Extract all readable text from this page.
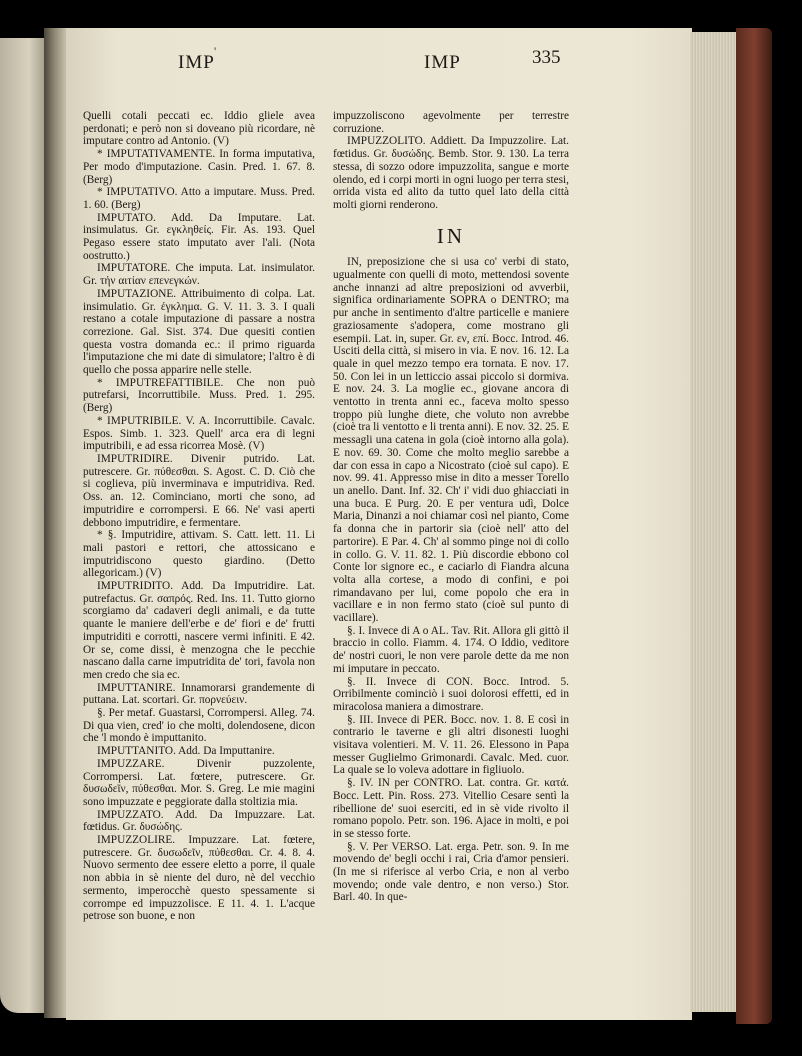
'
IMP	IMP	335

Quelli cotali peccati ec. Iddio gliele avea perdonati; e però non si doveano più ricordare, nè imputare contro ad Antonio. (V)

* IMPUTATIVAMENTE. In forma imputativa, Per modo d'imputazione. Casin. Pred. 1. 67. 8. (Berg)

* IMPUTATIVO. Atto a imputare. Muss. Pred. 1. 60. (Berg)

IMPUTATO. Add. Da Imputare. Lat. insimulatus. Gr. εγκληθείς. Fir. As. 193. Quel Pegaso essere stato imputato aver l'ali. (Nota oostrutto.)

IMPUTATORE. Che imputa. Lat. insimulator. Gr. τήν αιτίαν επενεγκών.

IMPUTAZIONE. Attribuimento di colpa. Lat. insimulatio. Gr. έγκλημα. G. V. 11. 3. 3. I quali restano a cotale imputazione di passare a nostra correzione. Gal. Sist. 374. Due quesiti contien questa vostra domanda ec.: il primo riguarda l'imputazione che mi date di simulatore; l'altro è di quello che possa apparire nelle stelle.

* IMPUTREFATTIBILE. Che non può putrefarsi, Incorruttibile. Muss. Pred. 1. 295. (Berg)

* IMPUTRIBILE. V. A. Incorruttibile. Cavalc. Espos. Simb. 1. 323. Quell' arca era di legni imputribili, e ad essa ricorrea Mosè. (V)

IMPUTRIDIRE. Divenir putrido. Lat. putrescere. Gr. πύθεσθαι. S. Agost. C. D. Ciò che si coglieva, più inverminava e imputridiva. Red. Oss. an. 12. Cominciano, morti che sono, ad imputridire e corrompersi. E 66. Ne' vasi aperti debbono imputridire, e fermentare.

* §. Imputridire, attivam. S. Catt. lett. 11. Li mali pastori e rettori, che attossicano e imputridiscono questo giardino. (Detto allegoricam.) (V)

IMPUTRIDITO. Add. Da Imputridire. Lat. putrefactus. Gr. σαπρός. Red. Ins. 11. Tutto giorno scorgiamo da' cadaveri degli animali, e da tutte quante le maniere dell'erbe e de' fiori e de' frutti imputriditi e corrotti, nascere vermi infiniti. E 42. Or se, come dissi, è menzogna che le pecchie nascano dalla carne imputridita de' tori, favola non men credo che sia ec.

IMPUTTANIRE. Innamorarsi grandemente di puttana. Lat. scortari. Gr. πορνεύειν.

§. Per metaf. Guastarsi, Corrompersi. Alleg. 74. Di qua vien, cred' io che molti, dolendosene, dicon che 'l mondo è imputtanito.

IMPUTTANITO. Add. Da Imputtanire.

IMPUZZARE. Divenir puzzolente, Corrompersi. Lat. fœtere, putrescere. Gr. δυσωδεῖν, πύθεσθαι. Mor. S. Greg. Le mie magini sono impuzzate e peggiorate dalla stoltizia mia.

IMPUZZATO. Add. Da Impuzzare. Lat. fœtidus. Gr. δυσώδης.

IMPUZZOLIRE. Impuzzare. Lat. fœtere, putrescere. Gr. δυσωδεῖν, πύθεσθαι. Cr. 4. 8. 4. Nuovo sermento dee essere eletto a porre, il quale non abbia in sè niente del duro, nè del vecchio sermento, imperocchè questo spessamente si corrompe ed impuzzolisce. E 11. 4. 1. L'acque petrose son buone, e non

impuzzoliscono agevolmente per terrestre corruzione.

IMPUZZOLITO. Addiett. Da Impuzzolire. Lat. fœtidus. Gr. δυσώδης. Bemb. Stor. 9. 130. La terra stessa, di sozzo odore impuzzolita, sangue e morte olendo, ed i corpi morti in ogni luogo per terra stesi, orrida vista ed alito da tutto quel lato della città molti giorni renderono.

IN

IN, preposizione che si usa co' verbi di stato, ugualmente con quelli di moto, mettendosi sovente anche innanzi ad altre preposizioni od avverbii, significa ordinariamente SOPRA o DENTRO; ma pur anche in sentimento d'altre particelle e maniere graziosamente s'adopera, come mostrano gli esempii. Lat. in, super. Gr. εν, επί. Bocc. Introd. 46. Usciti della città, si misero in via. E nov. 16. 12. La quale in quel mezzo tempo era tornata. E nov. 17. 50. Con lei in un letticcio assai piccolo si dormiva. E nov. 24. 3. La moglie ec., giovane ancora di ventotto in trenta anni ec., faceva molto spesso troppo più lunghe diete, che voluto non avrebbe (cioè tra li ventotto e li trenta anni). E nov. 32. 25. E messagli una catena in gola (cioè intorno alla gola). E nov. 69. 30. Come che molto meglio sarebbe a dar con essa in capo a Nicostrato (cioè sul capo). E nov. 99. 41. Appresso mise in dito a messer Torello un anello. Dant. Inf. 32. Ch' i' vidi duo ghiacciati in una buca. E Purg. 20. E per ventura udì, Dolce Maria, Dinanzi a noi chiamar così nel pianto, Come fa donna che in partorir sia (cioè nell' atto del partorire). E Par. 4. Ch' al sommo pinge noi di collo in collo. G. V. 11. 82. 1. Più discordie ebbono col Conte lor signore ec., e caciarlo di Fiandra alcuna volta alla cortese, a modo di confini, e poi rimandavano per lui, come popolo che era in vacillare e in non fermo stato (cioè sul punto di vacillare).

§. I. Invece di A o AL. Tav. Rit. Allora gli gittò il braccio in collo. Fiamm. 4. 174. O Iddio, veditore de' nostri cuori, le non vere parole dette da me non mi imputare in peccato.

§. II. Invece di CON. Bocc. Introd. 5. Orribilmente cominciò i suoi dolorosi effetti, ed in miracolosa maniera a dimostrare.

§. III. Invece di PER. Bocc. nov. 1. 8. E così in contrario le taverne e gli altri disonesti luoghi visitava volentieri. M. V. 11. 26. Elessono in Papa messer Guglielmo Grimonardi. Cavalc. Med. cuor. La quale se lo voleva adottare in figliuolo.

§. IV. IN per CONTRO. Lat. contra. Gr. κατά. Bocc. Lett. Pin. Ross. 273. Vitellio Cesare sentì la ribellione de' suoi eserciti, ed in sè vide rivolto il romano popolo. Petr. son. 196. Ajace in molti, e poi in se stesso forte.

§. V. Per VERSO. Lat. erga. Petr. son. 9. In me movendo de' begli occhi i rai, Cria d'amor pensieri. (In me si riferisce al verbo Cria, e non al verbo movendo; onde vale dentro, e non verso.) Stor. Barl. 40. In que-
